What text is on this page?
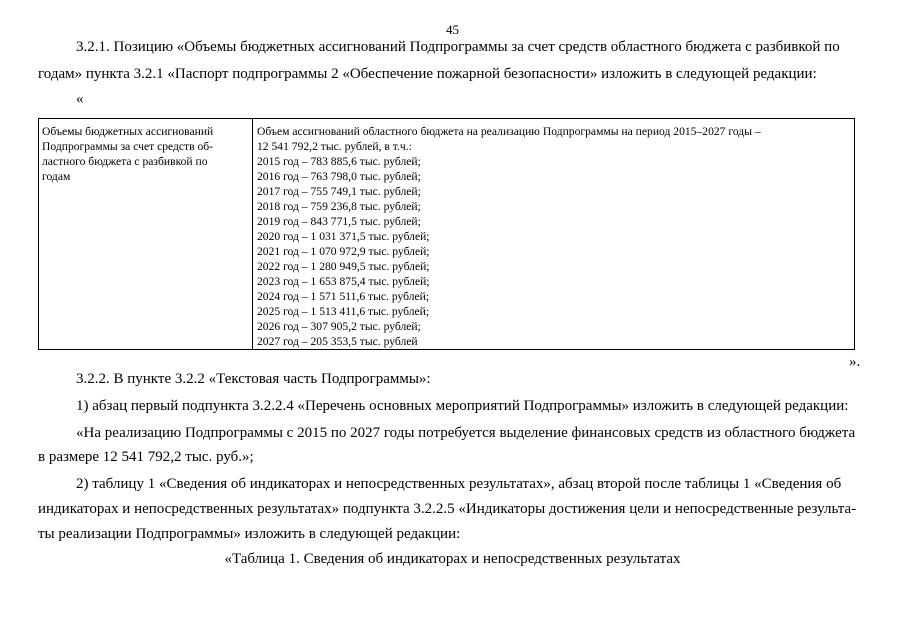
45
3.2.1. Позицию «Объемы бюджетных ассигнований Подпрограммы за счет средств областного бюджета с разбивкой по
годам» пункта 3.2.1 «Паспорт подпрограммы 2 «Обеспечение пожарной безопасности» изложить в следующей редакции:
«
Объемы бюджетных ассигнований
Подпрограммы за счет средств об-
ластного бюджета с разбивкой по
годам
Объем ассигнований областного бюджета на реализацию Подпрограммы на период 2015–2027 годы –
12 541 792,2 тыс. рублей, в т.ч.:
2015 год – 783 885,6 тыс. рублей;
2016 год – 763 798,0 тыс. рублей;
2017 год – 755 749,1 тыс. рублей;
2018 год – 759 236,8 тыс. рублей;
2019 год – 843 771,5 тыс. рублей;
2020 год – 1 031 371,5 тыс. рублей;
2021 год – 1 070 972,9 тыс. рублей;
2022 год – 1 280 949,5 тыс. рублей;
2023 год – 1 653 875,4 тыс. рублей;
2024 год – 1 571 511,6 тыс. рублей;
2025 год – 1 513 411,6 тыс. рублей;
2026 год – 307 905,2 тыс. рублей;
2027 год – 205 353,5 тыс. рублей
».
3.2.2. В пункте 3.2.2 «Текстовая часть Подпрограммы»:
1) абзац первый подпункта 3.2.2.4 «Перечень основных мероприятий Подпрограммы» изложить в следующей редакции:
«На реализацию Подпрограммы с 2015 по 2027 годы потребуется выделение финансовых средств из областного бюджета
в размере 12 541 792,2 тыс. руб.»;
2) таблицу 1 «Сведения об индикаторах и непосредственных результатах», абзац второй после таблицы 1 «Сведения об
индикаторах и непосредственных результатах» подпункта 3.2.2.5 «Индикаторы достижения цели и непосредственные результа-
ты реализации Подпрограммы» изложить в следующей редакции:
«Таблица 1. Сведения об индикаторах и непосредственных результатах
